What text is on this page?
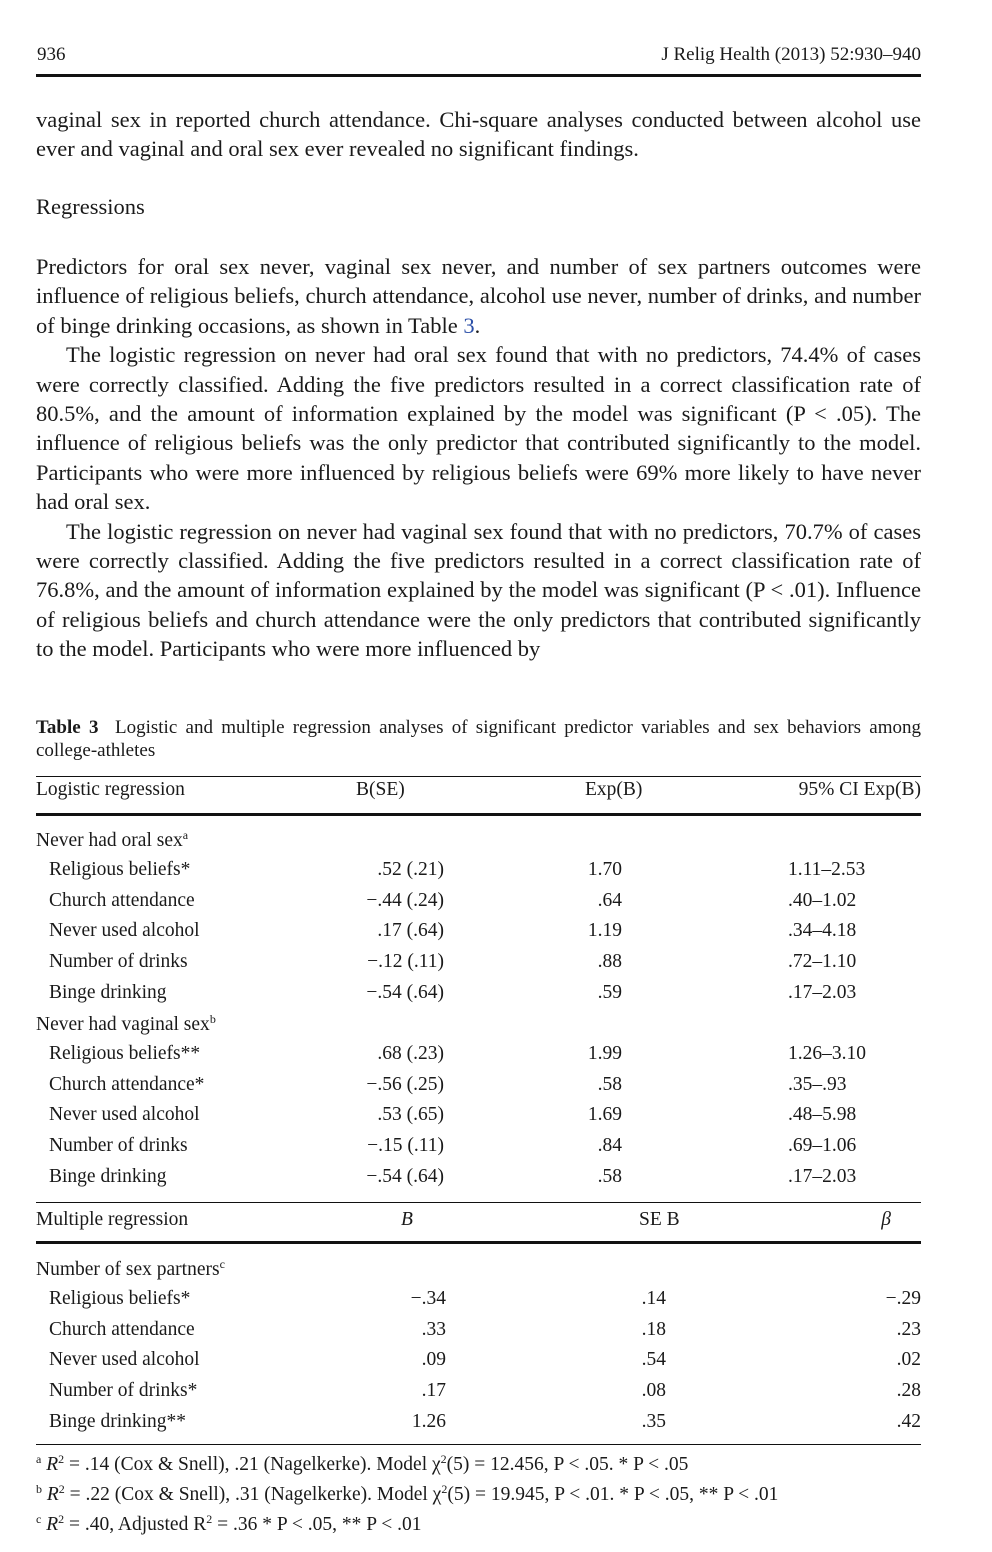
936	J Relig Health (2013) 52:930–940

vaginal sex in reported church attendance. Chi-square analyses conducted between alcohol use ever and vaginal and oral sex ever revealed no significant findings.

Regressions

Predictors for oral sex never, vaginal sex never, and number of sex partners outcomes were influence of religious beliefs, church attendance, alcohol use never, number of drinks, and number of binge drinking occasions, as shown in Table 3.

The logistic regression on never had oral sex found that with no predictors, 74.4% of cases were correctly classified. Adding the five predictors resulted in a correct classification rate of 80.5%, and the amount of information explained by the model was significant (P < .05). The influence of religious beliefs was the only predictor that contributed significantly to the model. Participants who were more influenced by religious beliefs were 69% more likely to have never had oral sex.

The logistic regression on never had vaginal sex found that with no predictors, 70.7% of cases were correctly classified. Adding the five predictors resulted in a correct classification rate of 76.8%, and the amount of information explained by the model was significant (P < .01). Influence of religious beliefs and church attendance were the only predictors that contributed significantly to the model. Participants who were more influenced by

Table 3 Logistic and multiple regression analyses of significant predictor variables and sex behaviors among college-athletes
Logistic regression	B(SE)	Exp(B)	95% CI Exp(B)
Never had oral sex$^a$
Religious beliefs*	.52 (.21)	1.70	1.11–2.53
Church attendance	−.44 (.24)	.64	.40–1.02
Never used alcohol	.17 (.64)	1.19	.34–4.18
Number of drinks	−.12 (.11)	.88	.72–1.10
Binge drinking	−.54 (.64)	.59	.17–2.03
Never had vaginal sex$^b$
Religious beliefs**	.68 (.23)	1.99	1.26–3.10
Church attendance*	−.56 (.25)	.58	.35–.93
Never used alcohol	.53 (.65)	1.69	.48–5.98
Number of drinks	−.15 (.11)	.84	.69–1.06
Binge drinking	−.54 (.64)	.58	.17–2.03
Multiple regression	B	SE B	β
Number of sex partners$^c$
Religious beliefs*	−.34	.14	−.29
Church attendance	.33	.18	.23
Never used alcohol	.09	.54	.02
Number of drinks*	.17	.08	.28
Binge drinking**	1.26	.35	.42
$^a$ $R^2 = .14$ (Cox & Snell), .21 (Nagelkerke). Model $\chi^2(5) = 12.456$, P < .05. * P < .05
$^b$ $R^2 = .22$ (Cox & Snell), .31 (Nagelkerke). Model $\chi^2(5) = 19.945$, P < .01. * P < .05, ** P < .01
$^c$ $R^2 = .40$, Adjusted $R^2 = .36 * P < .05$, ** P < .01
